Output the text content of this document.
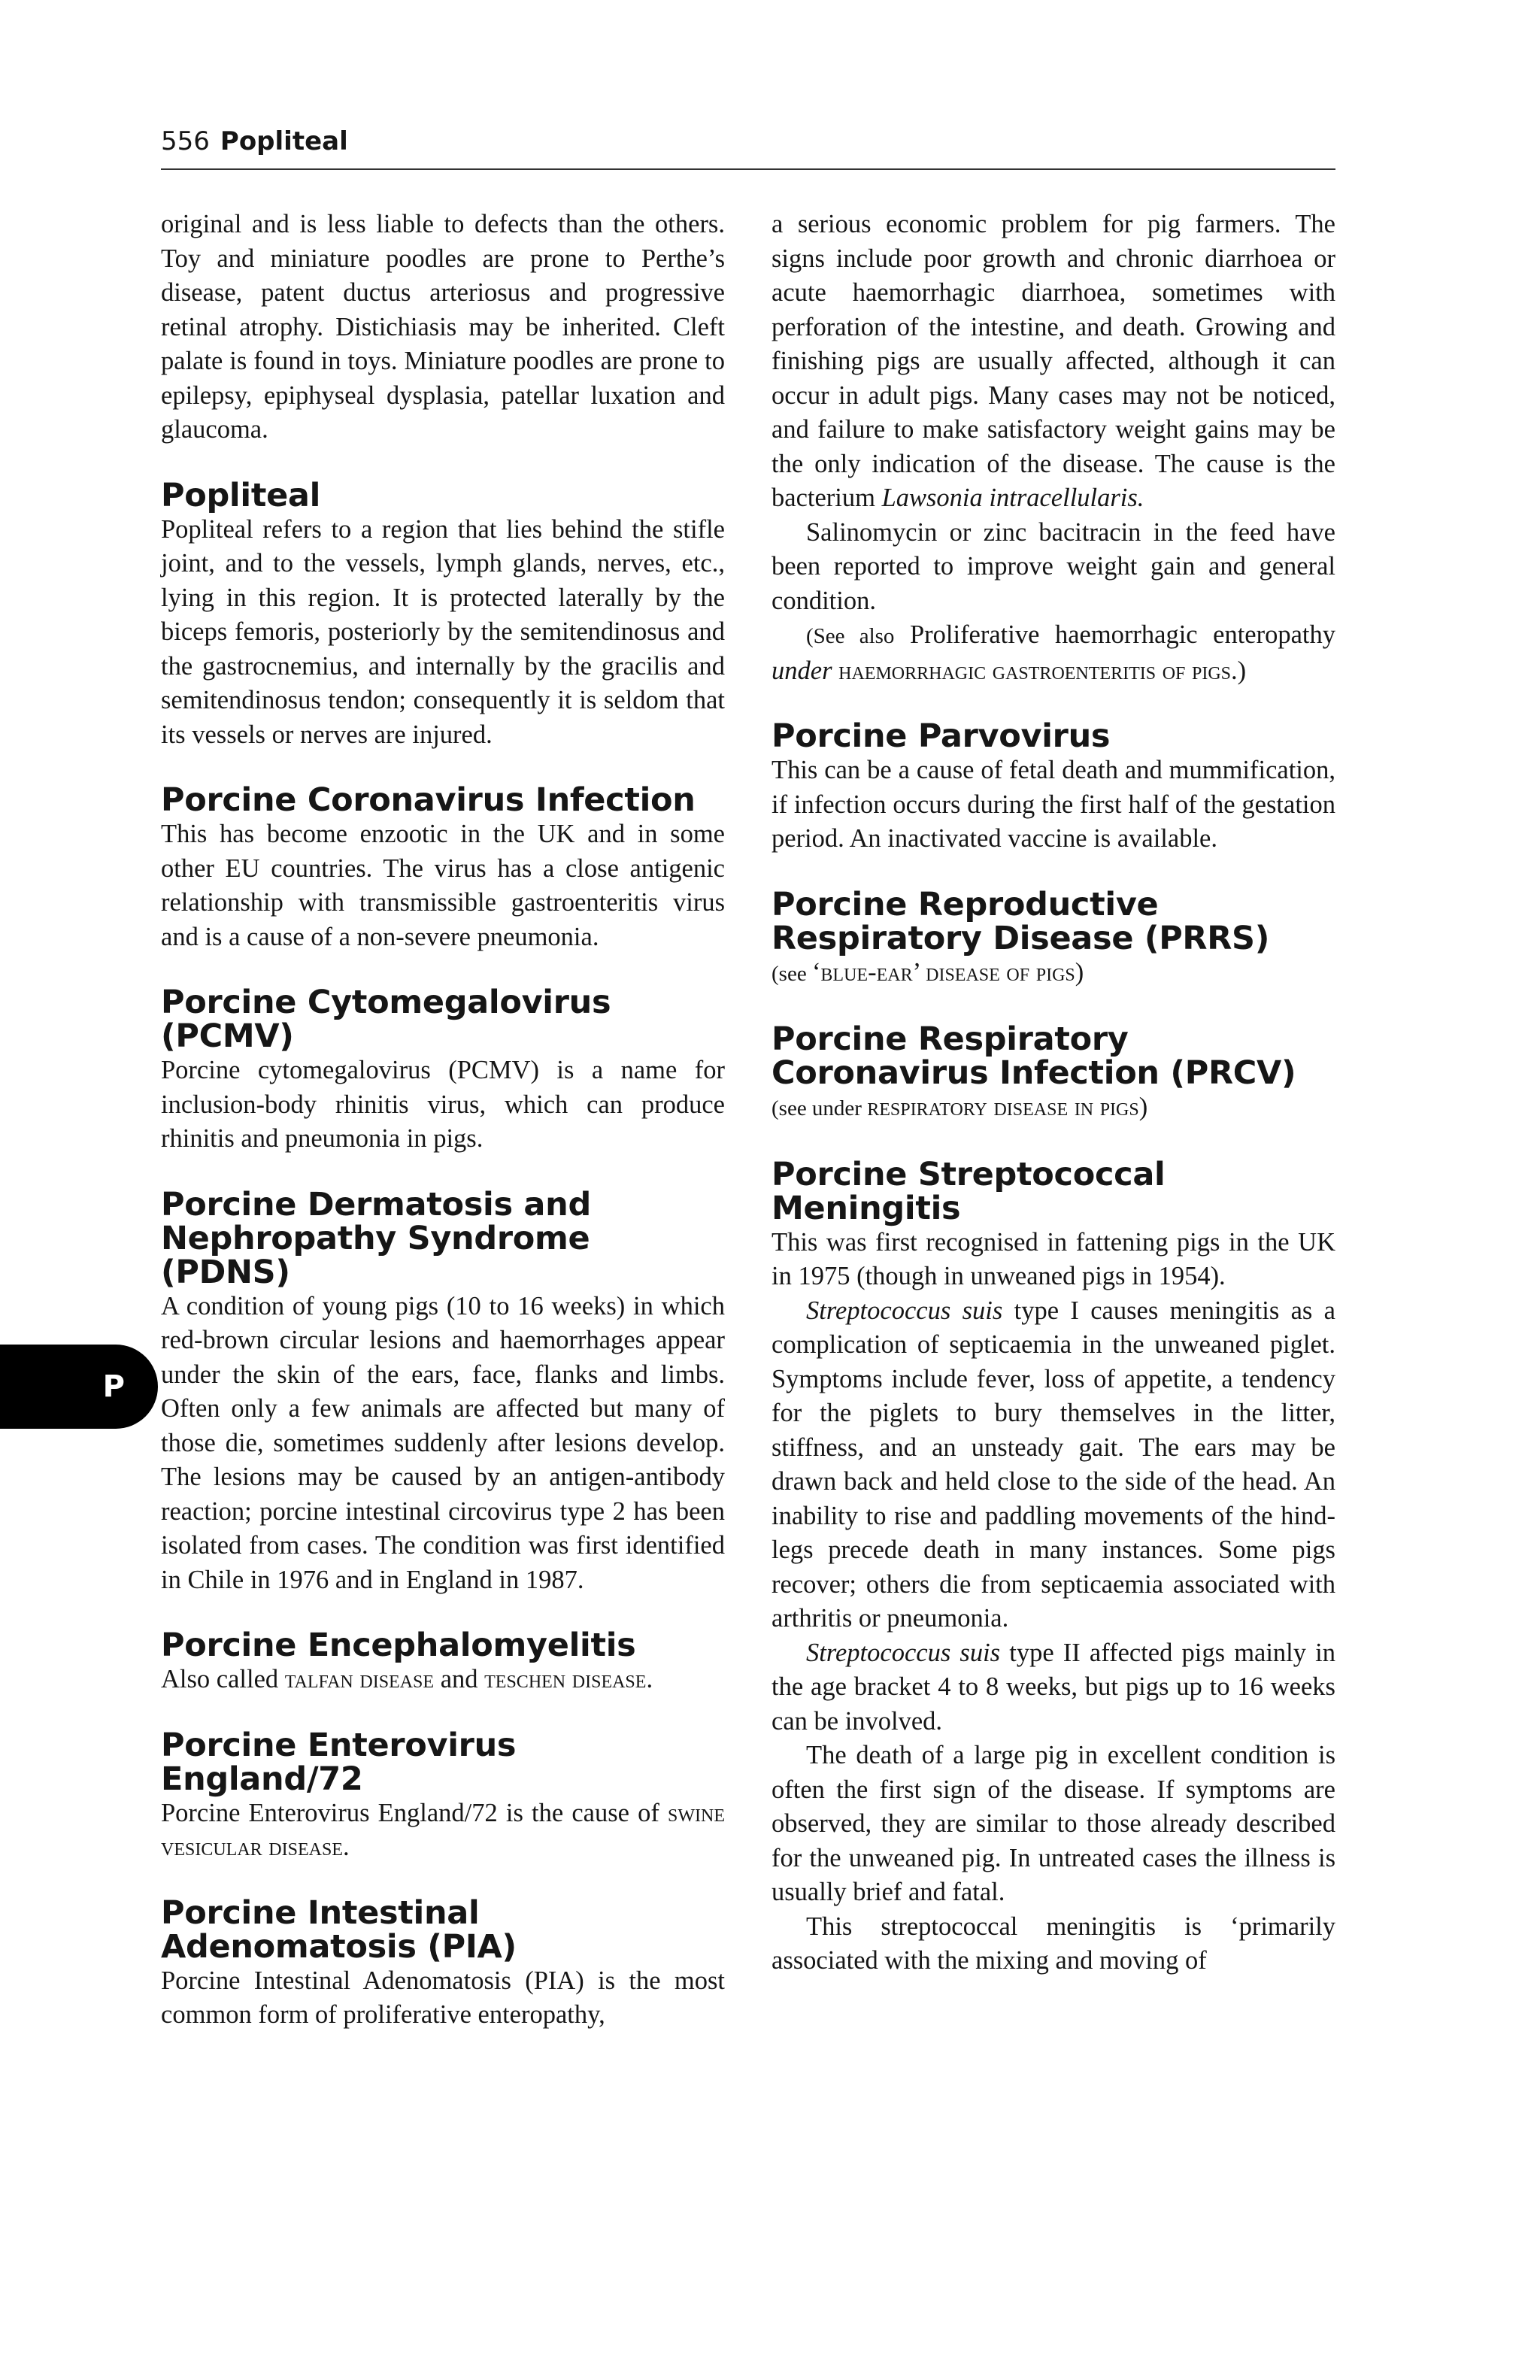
556 Popliteal
P

original and is less liable to defects than the others. Toy and miniature poodles are prone to Perthe’s disease, patent ductus arteriosus and progressive retinal atrophy. Distichiasis may be inherited. Cleft palate is found in toys. Miniature poodles are prone to epilepsy, epiphyseal dysplasia, patellar luxation and glaucoma.

Popliteal

Popliteal refers to a region that lies behind the stifle joint, and to the vessels, lymph glands, nerves, etc., lying in this region. It is protected laterally by the biceps femoris, posteriorly by the semitendinosus and the gastrocnemius, and internally by the gracilis and semitendinosus tendon; consequently it is seldom that its vessels or nerves are injured.

Porcine Coronavirus Infection

This has become enzootic in the UK and in some other EU countries. The virus has a close antigenic relationship with transmissible gastroenteritis virus and is a cause of a non-severe pneumonia.

Porcine Cytomegalovirus
(PCMV)

Porcine cytomegalovirus (PCMV) is a name for inclusion-body rhinitis virus, which can produce rhinitis and pneumonia in pigs.

Porcine Dermatosis and
Nephropathy Syndrome (PDNS)

A condition of young pigs (10 to 16 weeks) in which red-brown circular lesions and haemorrhages appear under the skin of the ears, face, flanks and limbs. Often only a few animals are affected but many of those die, sometimes suddenly after lesions develop. The lesions may be caused by an antigen-antibody reaction; porcine intestinal circovirus type 2 has been isolated from cases. The condition was first identified in Chile in 1976 and in England in 1987.

Porcine Encephalomyelitis

Also called talfan disease and teschen disease.

Porcine Enterovirus England/72

Porcine Enterovirus England/72 is the cause of swine vesicular disease.

Porcine Intestinal
Adenomatosis (PIA)

Porcine Intestinal Adenomatosis (PIA) is the most common form of proliferative enteropathy,

a serious economic problem for pig farmers. The signs include poor growth and chronic diarrhoea or acute haemorrhagic diarrhoea, sometimes with perforation of the intestine, and death. Growing and finishing pigs are usually affected, although it can occur in adult pigs. Many cases may not be noticed, and failure to make satisfactory weight gains may be the only indication of the disease. The cause is the bacterium Lawsonia intracellularis.

Salinomycin or zinc bacitracin in the feed have been reported to improve weight gain and general condition.

(See also Proliferative haemorrhagic enteropathy under haemorrhagic gastroenteritis of pigs.)

Porcine Parvovirus

This can be a cause of fetal death and mummification, if infection occurs during the first half of the gestation period. An inactivated vaccine is available.

Porcine Reproductive
Respiratory Disease (PRRS)

(see ‘blue-ear’ disease of pigs)

Porcine Respiratory
Coronavirus Infection (PRCV)

(see under respiratory disease in pigs)

Porcine Streptococcal
Meningitis

This was first recognised in fattening pigs in the UK in 1975 (though in unweaned pigs in 1954).

Streptococcus suis type I causes meningitis as a complication of septicaemia in the unweaned piglet. Symptoms include fever, loss of appetite, a tendency for the piglets to bury themselves in the litter, stiffness, and an unsteady gait. The ears may be drawn back and held close to the side of the head. An inability to rise and paddling movements of the hind-legs precede death in many instances. Some pigs recover; others die from septicaemia associated with arthritis or pneumonia.

Streptococcus suis type II affected pigs mainly in the age bracket 4 to 8 weeks, but pigs up to 16 weeks can be involved.

The death of a large pig in excellent condition is often the first sign of the disease. If symptoms are observed, they are similar to those already described for the unweaned pig. In untreated cases the illness is usually brief and fatal.

This streptococcal meningitis is ‘primarily associated with the mixing and moving of
